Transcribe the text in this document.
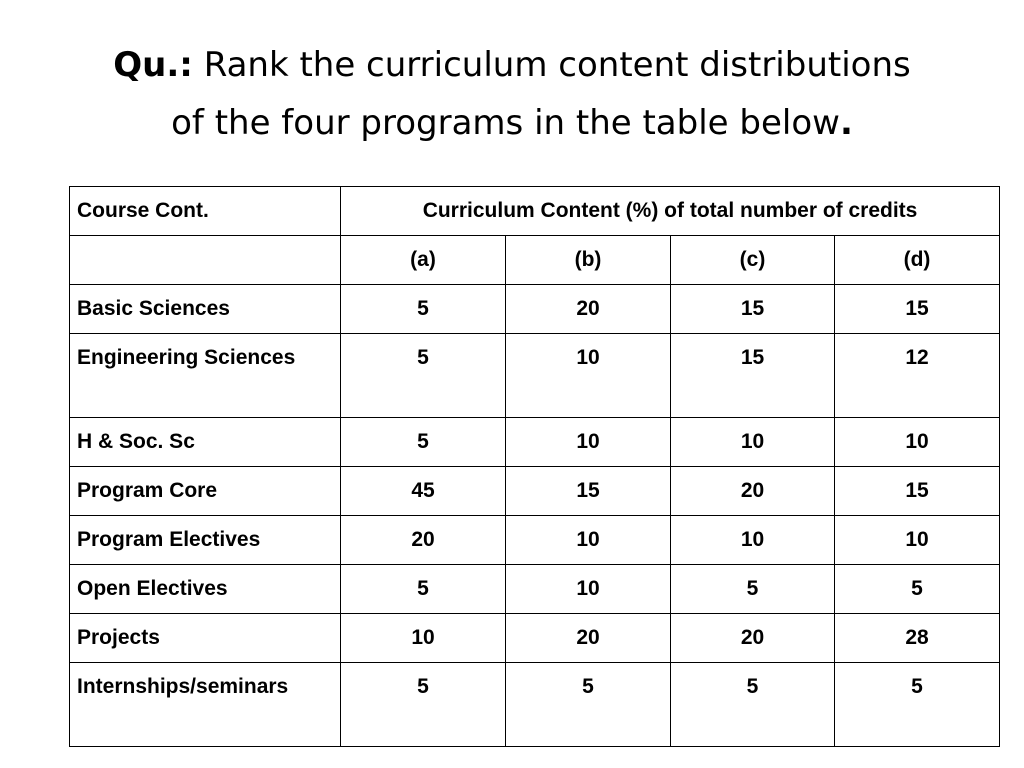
Qu.: Rank the curriculum content distributions
of the four programs in the table below.
Course Cont.	Curriculum Content (%) of total number of credits			
	(a)	(b)	(c)	(d)
Basic Sciences	5	20	15	15
Engineering Sciences	5	10	15	12
H & Soc. Sc	5	10	10	10
Program Core	45	15	20	15
Program Electives	20	10	10	10
Open Electives	5	10	5	5
Projects	10	20	20	28
Internships/seminars	5	5	5	5
